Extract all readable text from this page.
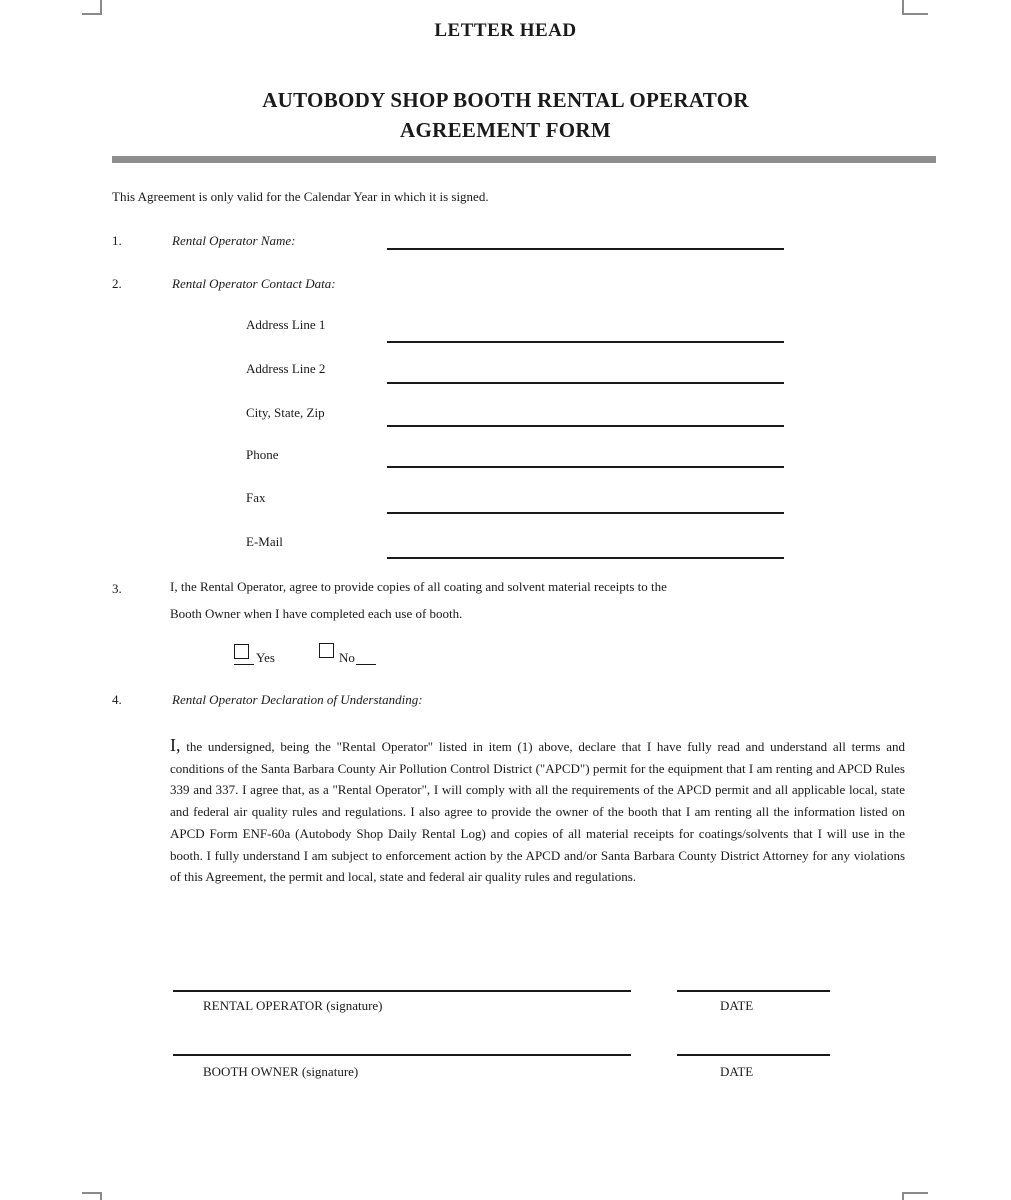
LETTER HEAD
AUTOBODY SHOP BOOTH RENTAL OPERATOR
AGREEMENT FORM
This Agreement is only valid for the Calendar Year in which it is signed.
1.	Rental Operator Name:
2.	Rental Operator Contact Data:
Address Line 1
Address Line 2
City, State, Zip
Phone
Fax
E-Mail
3.	I, the Rental Operator, agree to provide copies of all coating and solvent material receipts to the
Booth Owner when I have completed each use of booth.
Yes	No
4.	Rental Operator Declaration of Understanding:
I, the undersigned, being the "Rental Operator" listed in item (1) above, declare that I have fully read and understand all terms and conditions of the Santa Barbara County Air Pollution Control District ("APCD") permit for the equipment that I am renting and APCD Rules 339 and 337. I agree that, as a "Rental Operator", I will comply with all the requirements of the APCD permit and all applicable local, state and federal air quality rules and regulations. I also agree to provide the owner of the booth that I am renting all the information listed on APCD Form ENF-60a (Autobody Shop Daily Rental Log) and copies of all material receipts for coatings/solvents that I will use in the booth. I fully understand I am subject to enforcement action by the APCD and/or Santa Barbara County District Attorney for any violations of this Agreement, the permit and local, state and federal air quality rules and regulations.
RENTAL OPERATOR (signature)	DATE
BOOTH OWNER (signature)	DATE
